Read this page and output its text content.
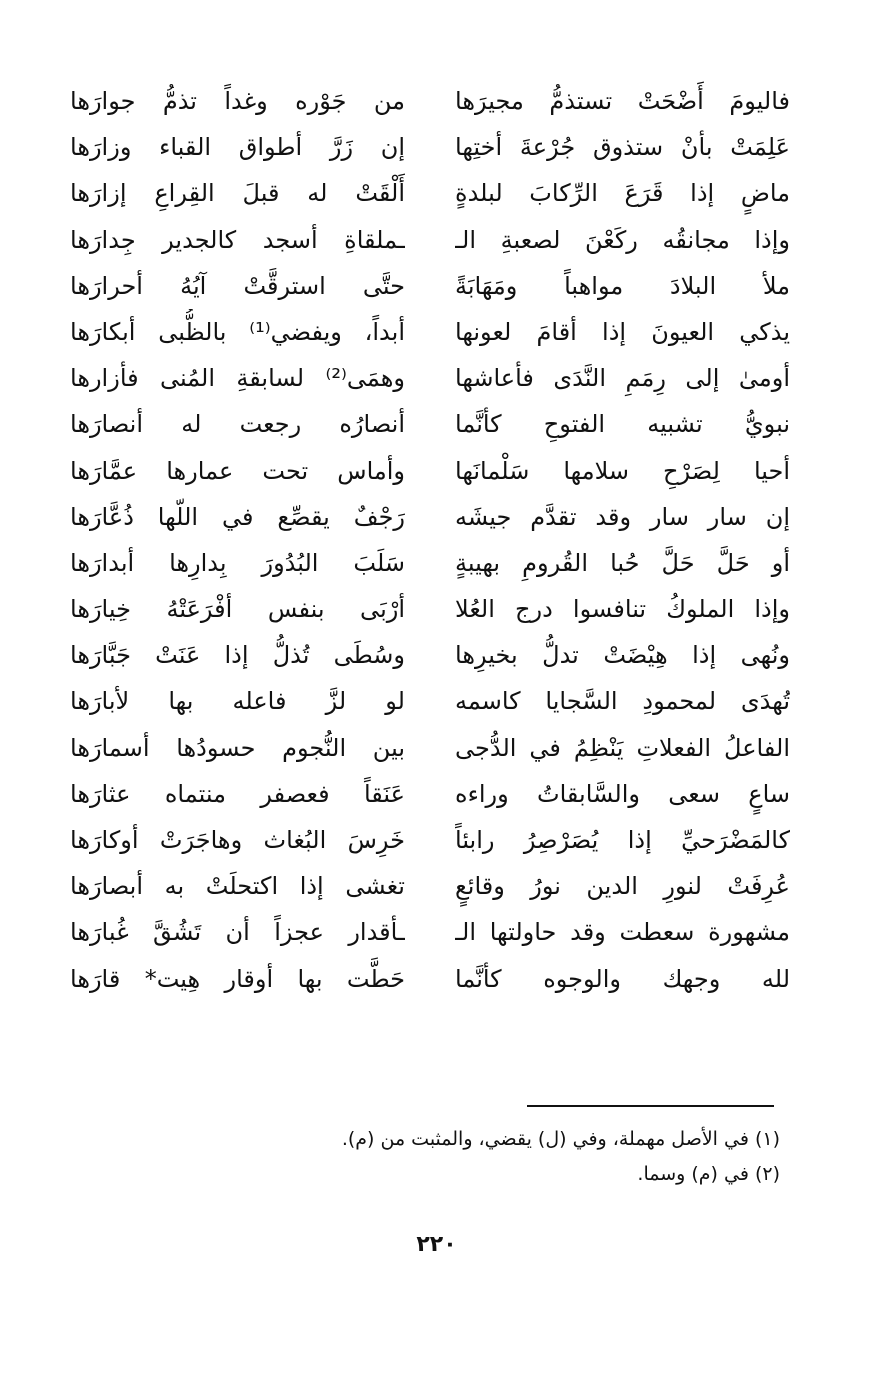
فاليومَ أَضْحَتْ تستذمُّ مجيرَها
عَلِمَتْ بأنْ ستذوق جُرْعةَ أختِها
ماضٍ إذا قَرَعَ الرِّكابَ لبلدةٍ
وإذا مجانقُه ركَعْنَ لصعبةِ الـ
ملأ البلادَ مواهباً ومَهَابَةً
يذكي العيونَ إذا أقامَ لعونها
أومىٰ إلى رِمَمِ النَّدَى فأعاشها
نبويُّ تشبيه الفتوحِ كأنَّما
أحيا لِصَرْحِ سلامها سَلْمانَها
إن سار سار وقد تقدَّم جيشَه
أو حَلَّ حَلَّ حُبا القُرومِ بهيبةٍ
وإذا الملوكُ تنافسوا درج العُلا
ونُهى إذا هِيْضَتْ تدلُّ بخيرِها
تُهدَى لمحمودِ السَّجايا كاسمه
الفاعلُ الفعلاتِ يَنْظِمُ في الدُّجى
ساعٍ سعى والسَّابقاتُ وراءه
كالمَضْرَحيِّ إذا يُصَرْصِرُ رابئاً
عُرِفَتْ لنورِ الدين نورُ وقائعٍ
مشهورة سعطت وقد حاولتها الـ
لله وجهك والوجوه كأنَّما
من جَوْره وغداً تذمُّ جوارَها
إن زَرَّ أطواق القباء وزارَها
أَلْقَتْ له قبلَ القِراعِ إزارَها
ـملقاةِ أسجد كالجدير جِدارَها
حتَّى استرقَّتْ آيُهُ أحرارَها
أبداً، ويفضي⁽¹⁾ بالظُّبى أبكارَها
وهمَى⁽²⁾ لسابقةِ المُنى فأزارها
أنصارُه رجعت له أنصارَها
وأماس تحت عمارها عمَّارَها
رَجْفٌ يقصِّع في اللّها ذُعَّارَها
سَلَبَ البُدُورَ بِدارِها أبدارَها
أرْبَى بنفس أفْرَعَتْهُ خِيارَها
وسُطَى تُذلُّ إذا عَنَتْ جَبَّارَها
لو لزَّ فاعله بها لأبارَها
بين النُّجوم حسودُها أسمارَها
عَنَقاً فعصفر منتماه عثارَها
خَرِسَ البُغاث وهاجَرَتْ أوكارَها
تغشى إذا اكتحلَتْ به أبصارَها
ـأقدار عجزاً أن تَشُقَّ غُبارَها
حَطَّت بها أوقار هِيت* قارَها
(١) في الأصل مهملة، وفي (ل) يقضي، والمثبت من (م).
(٢) في (م) وسما.
٢٢٠
